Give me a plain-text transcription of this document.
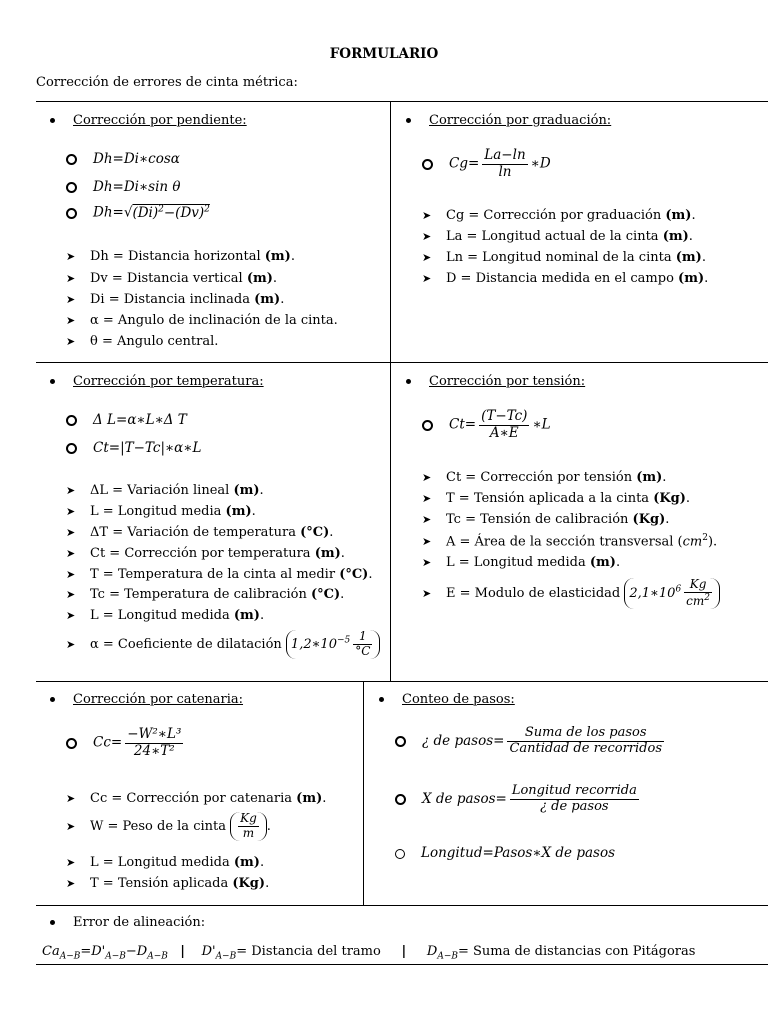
FORMULARIO
Corrección de errores de cinta métrica:
Corrección por pendiente:
Dh=Di∗cosα
Dh=Di∗sin θ
$Dh=√(Di)^2-(Dv)^2$
➤ Dh = Distancia horizontal (m).
➤ Dv = Distancia vertical (m).
➤ Di = Distancia inclinada (m).
➤ α = Angulo de inclinación de la cinta.
➤ θ = Angulo central.
Corrección por graduación:
$Cg= \frac{La-\ln}{\ln}$ ∗D
➤ Cg = Corrección por graduación (m).
➤ La = Longitud actual de la cinta (m).
➤ Ln = Longitud nominal de la cinta (m).
➤ D = Distancia medida en el campo (m).
Corrección por temperatura:
Δ L=α∗L∗Δ T
Ct=|T−Tc|∗α∗L
➤ ΔL = Variación lineal (m).
➤ L = Longitud media (m).
➤ ΔT = Variación de temperatura (°C).
➤ Ct = Corrección por temperatura (m).
➤ T = Temperatura de la cinta al medir (°C).
➤ Tc = Temperatura de calibración (°C).
➤ L = Longitud medida (m).
➤ α = Coeficiente de dilatación $1,2∗10^{-5} \frac{1}{^\circ C}$
Corrección por tensión:
$Ct= \frac{(T-Tc)}{A∗E}$ ∗L
➤ Ct = Corrección por tensión (m).
➤ T = Tensión aplicada a la cinta (Kg).
➤ Tc = Tensión de calibración (Kg).
➤ A = Área de la sección transversal $(cm^2)$.
➤ L = Longitud medida (m).
➤ E = Modulo de elasticidad $2,1∗10^6 \frac{Kg}{cm^2}$
Corrección por catenaria:
$Cc= \frac{\text{−W²∗L³}}{\text{24∗T²}}$
➤ Cc = Corrección por catenaria (m).
➤ W = Peso de la cinta $\frac{Kg}{m}$ .
➤ L = Longitud medida (m).
➤ T = Tensión aplicada (Kg).
Conteo de pasos:
¿ de pasos= $\frac{\text{Suma de los pasos}}{\text{Cantidad de recorridos}}$
X de pasos= $\frac{\text{Longitud recorrida}}{\text{¿ de pasos}}$
Longitud=Pasos∗X de pasos
Error de alineación:
$Ca_{A-B}=D'_{A-B}-D_{A-B}$ | $D'_{A-B}=$ Distancia del tramo | $D_{A-B}=$ Suma de distancias con Pitágoras
